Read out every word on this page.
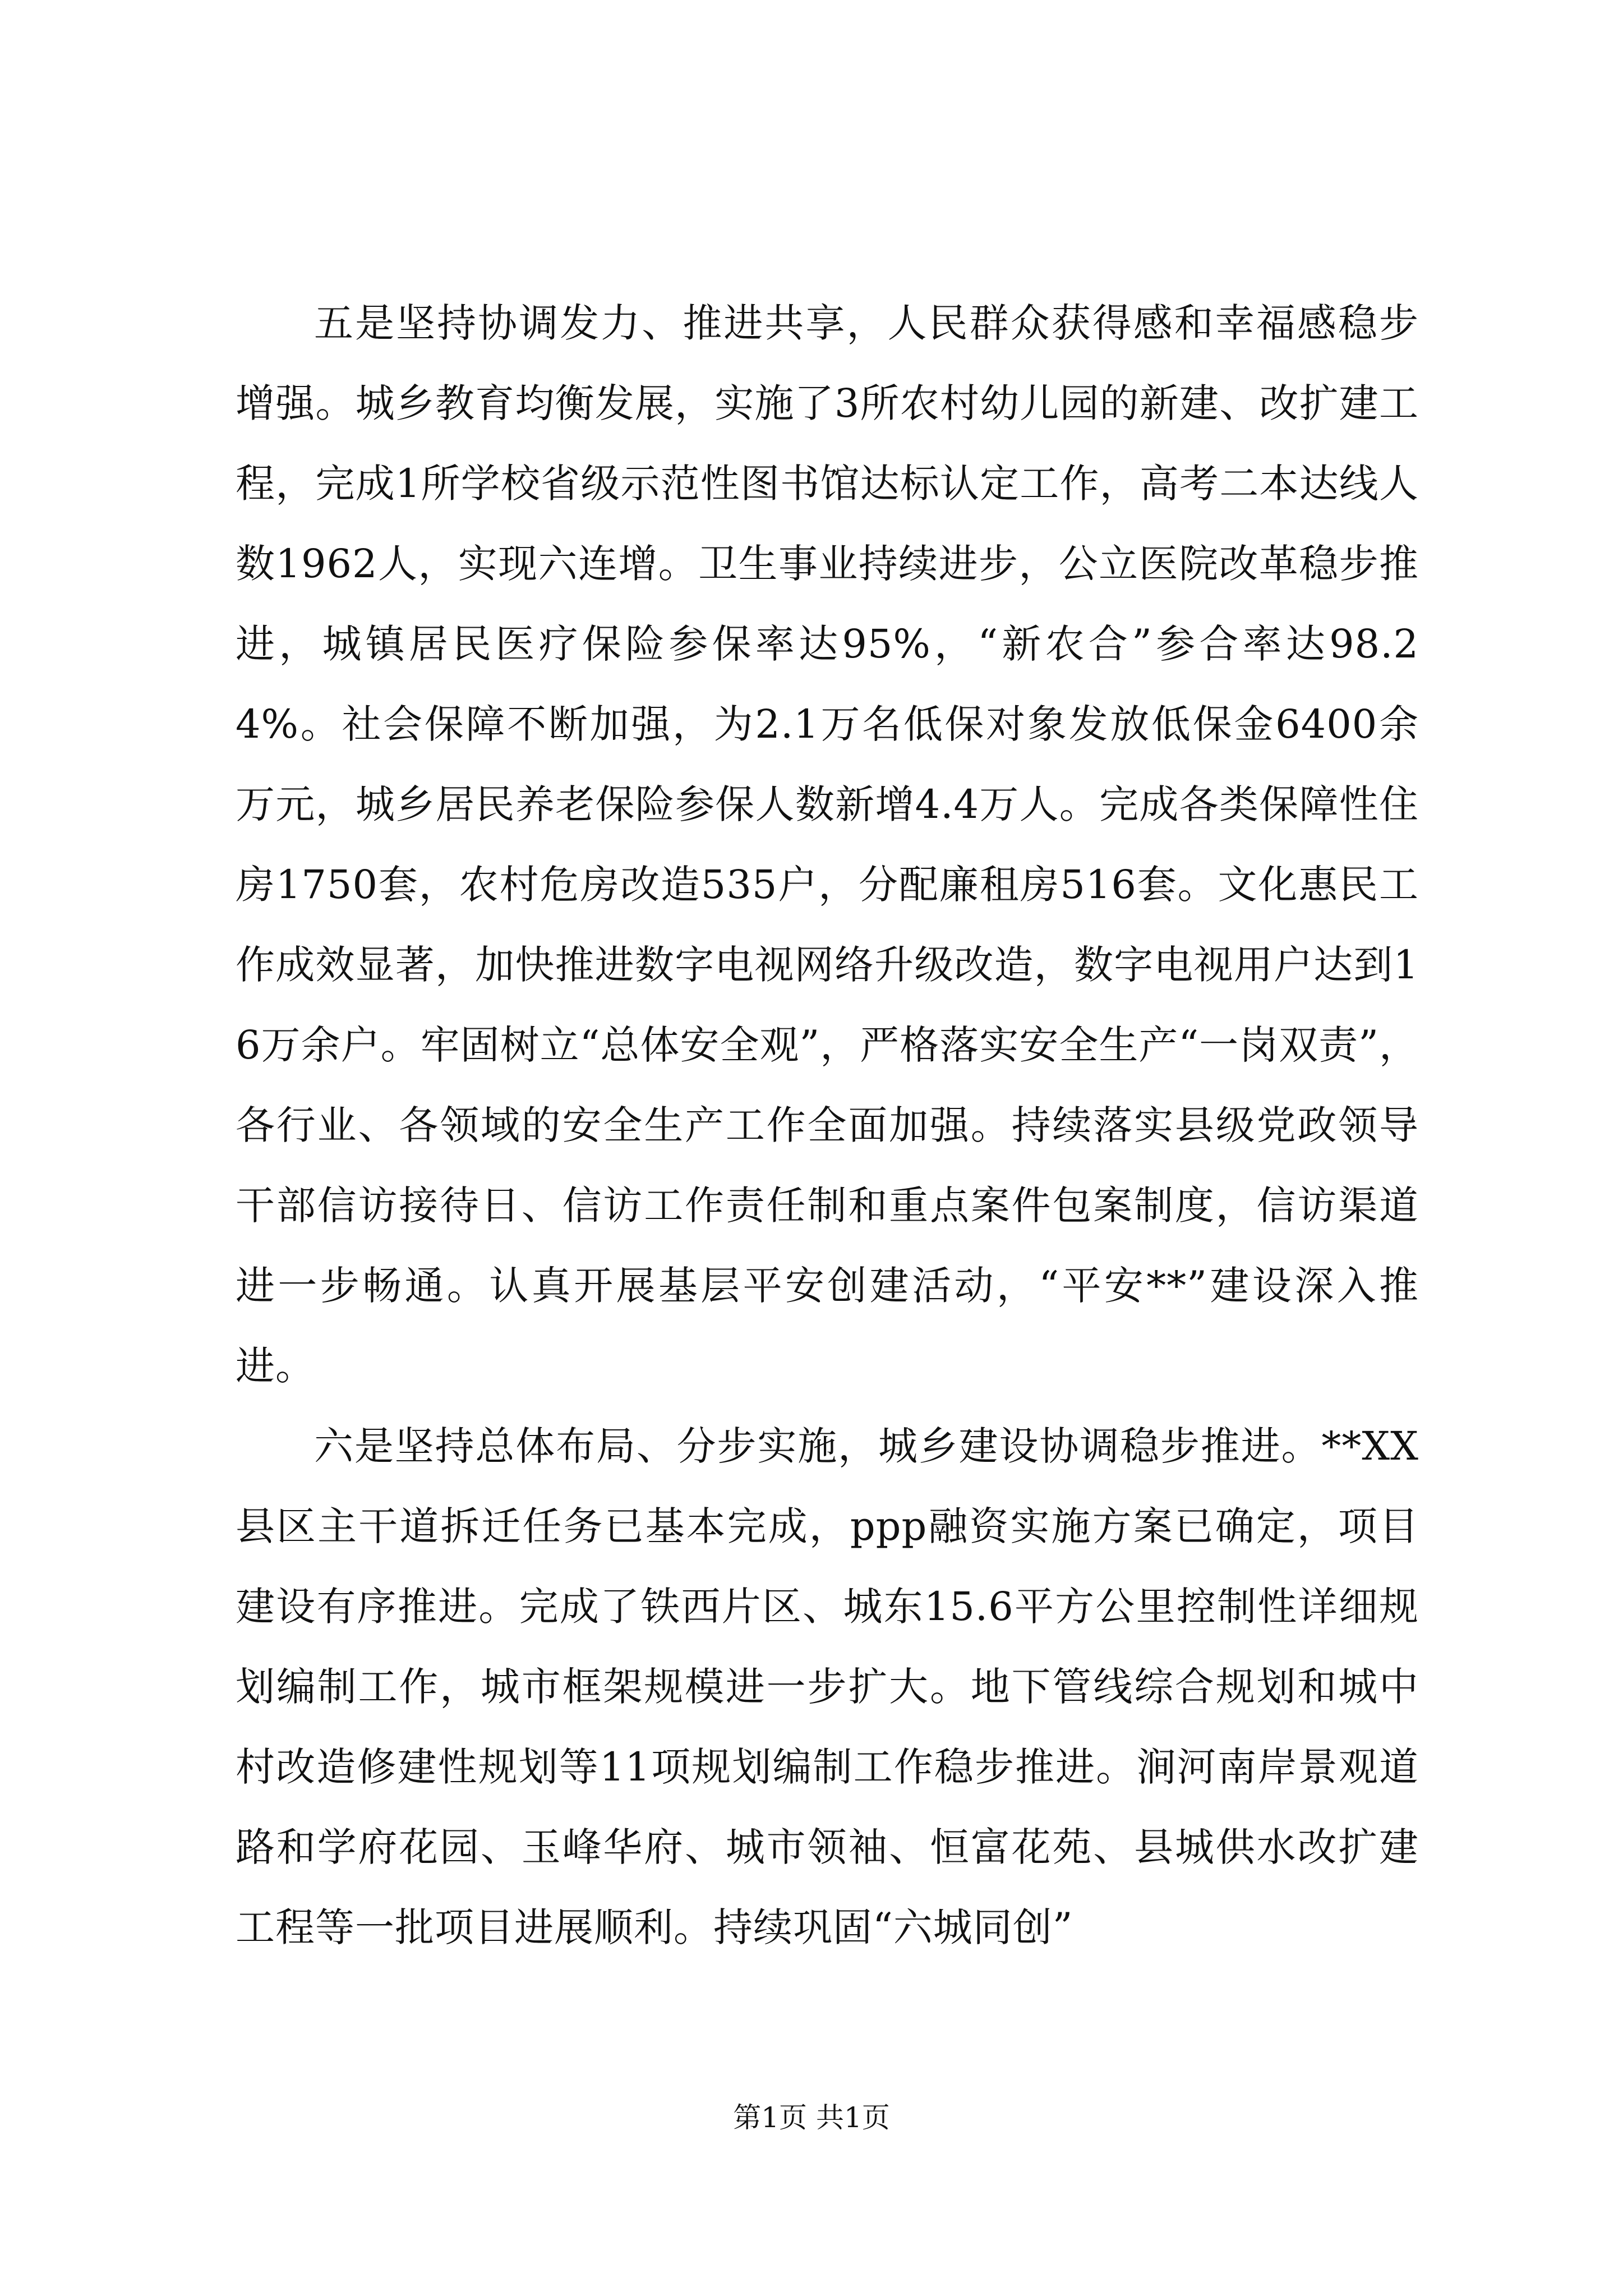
五是坚持协调发力、推进共享，人民群众获得感和幸福感稳步增强。城乡教育均衡发展，实施了3所农村幼儿园的新建、改扩建工程，完成1所学校省级示范性图书馆达标认定工作，高考二本达线人数1962人，实现六连增。卫生事业持续进步，公立医院改革稳步推进，城镇居民医疗保险参保率达95%，“新农合”参合率达98.24%。社会保障不断加强，为2.1万名低保对象发放低保金6400余万元，城乡居民养老保险参保人数新增4.4万人。完成各类保障性住房1750套，农村危房改造535户，分配廉租房516套。文化惠民工作成效显著，加快推进数字电视网络升级改造，数字电视用户达到16万余户。牢固树立“总体安全观”，严格落实安全生产“一岗双责”，各行业、各领域的安全生产工作全面加强。持续落实县级党政领导干部信访接待日、信访工作责任制和重点案件包案制度，信访渠道进一步畅通。认真开展基层平安创建活动，“平安**”建设深入推进。

六是坚持总体布局、分步实施，城乡建设协调稳步推进。**XX县区主干道拆迁任务已基本完成，ppp融资实施方案已确定，项目建设有序推进。完成了铁西片区、城东15.6平方公里控制性详细规划编制工作，城市框架规模进一步扩大。地下管线综合规划和城中村改造修建性规划等11项规划编制工作稳步推进。涧河南岸景观道路和学府花园、玉峰华府、城市领袖、恒富花苑、县城供水改扩建工程等一批项目进展顺利。持续巩固“六城同创”

第1页 共1页
